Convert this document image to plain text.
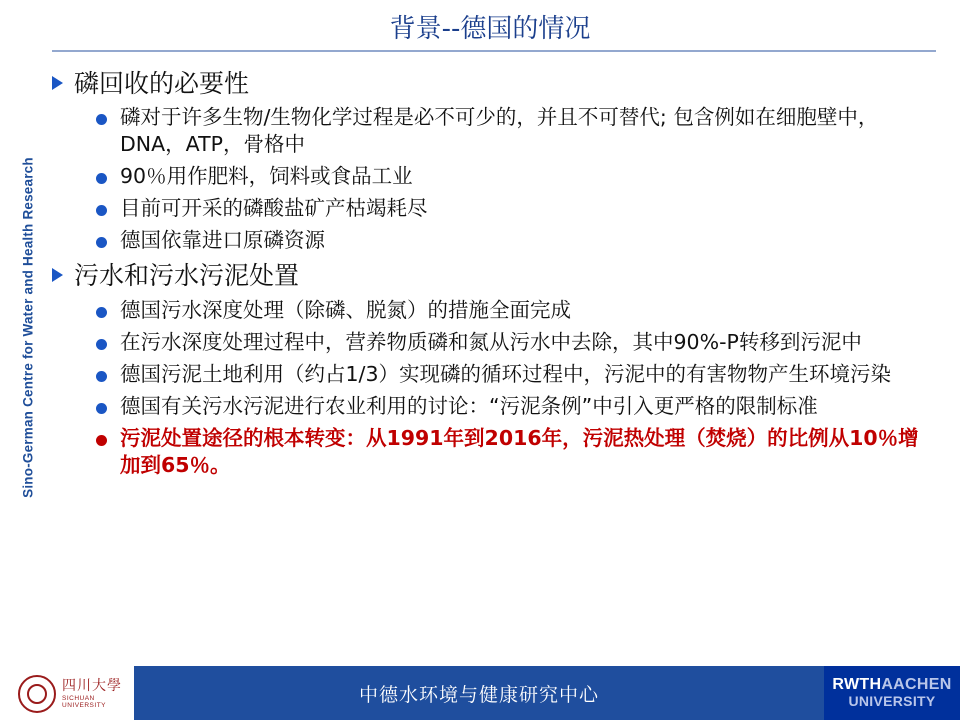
Sino-German Centre for Water and Health Research
背景--德国的情况
磷回收的必要性
磷对于许多生物/生物化学过程是必不可少的，并且不可替代; 包含例如在细胞壁中，DNA，ATP，骨格中
90％用作肥料，饲料或食品工业
目前可开采的磷酸盐矿产枯竭耗尽
德国依靠进口原磷资源
污水和污水污泥处置
德国污水深度处理（除磷、脱氮）的措施全面完成
在污水深度处理过程中，营养物质磷和氮从污水中去除，其中90%-P转移到污泥中
德国污泥土地利用（约占1/3）实现磷的循环过程中，污泥中的有害物物产生环境污染
德国有关污水污泥进行农业利用的讨论：“污泥条例”中引入更严格的限制标准
污泥处置途径的根本转变：从1991年到2016年，污泥热处理（焚烧）的比例从10％增加到65％。
四川大學
SICHUAN UNIVERSITY	中德水环境与健康研究中心	RWTHAACHEN
UNIVERSITY
